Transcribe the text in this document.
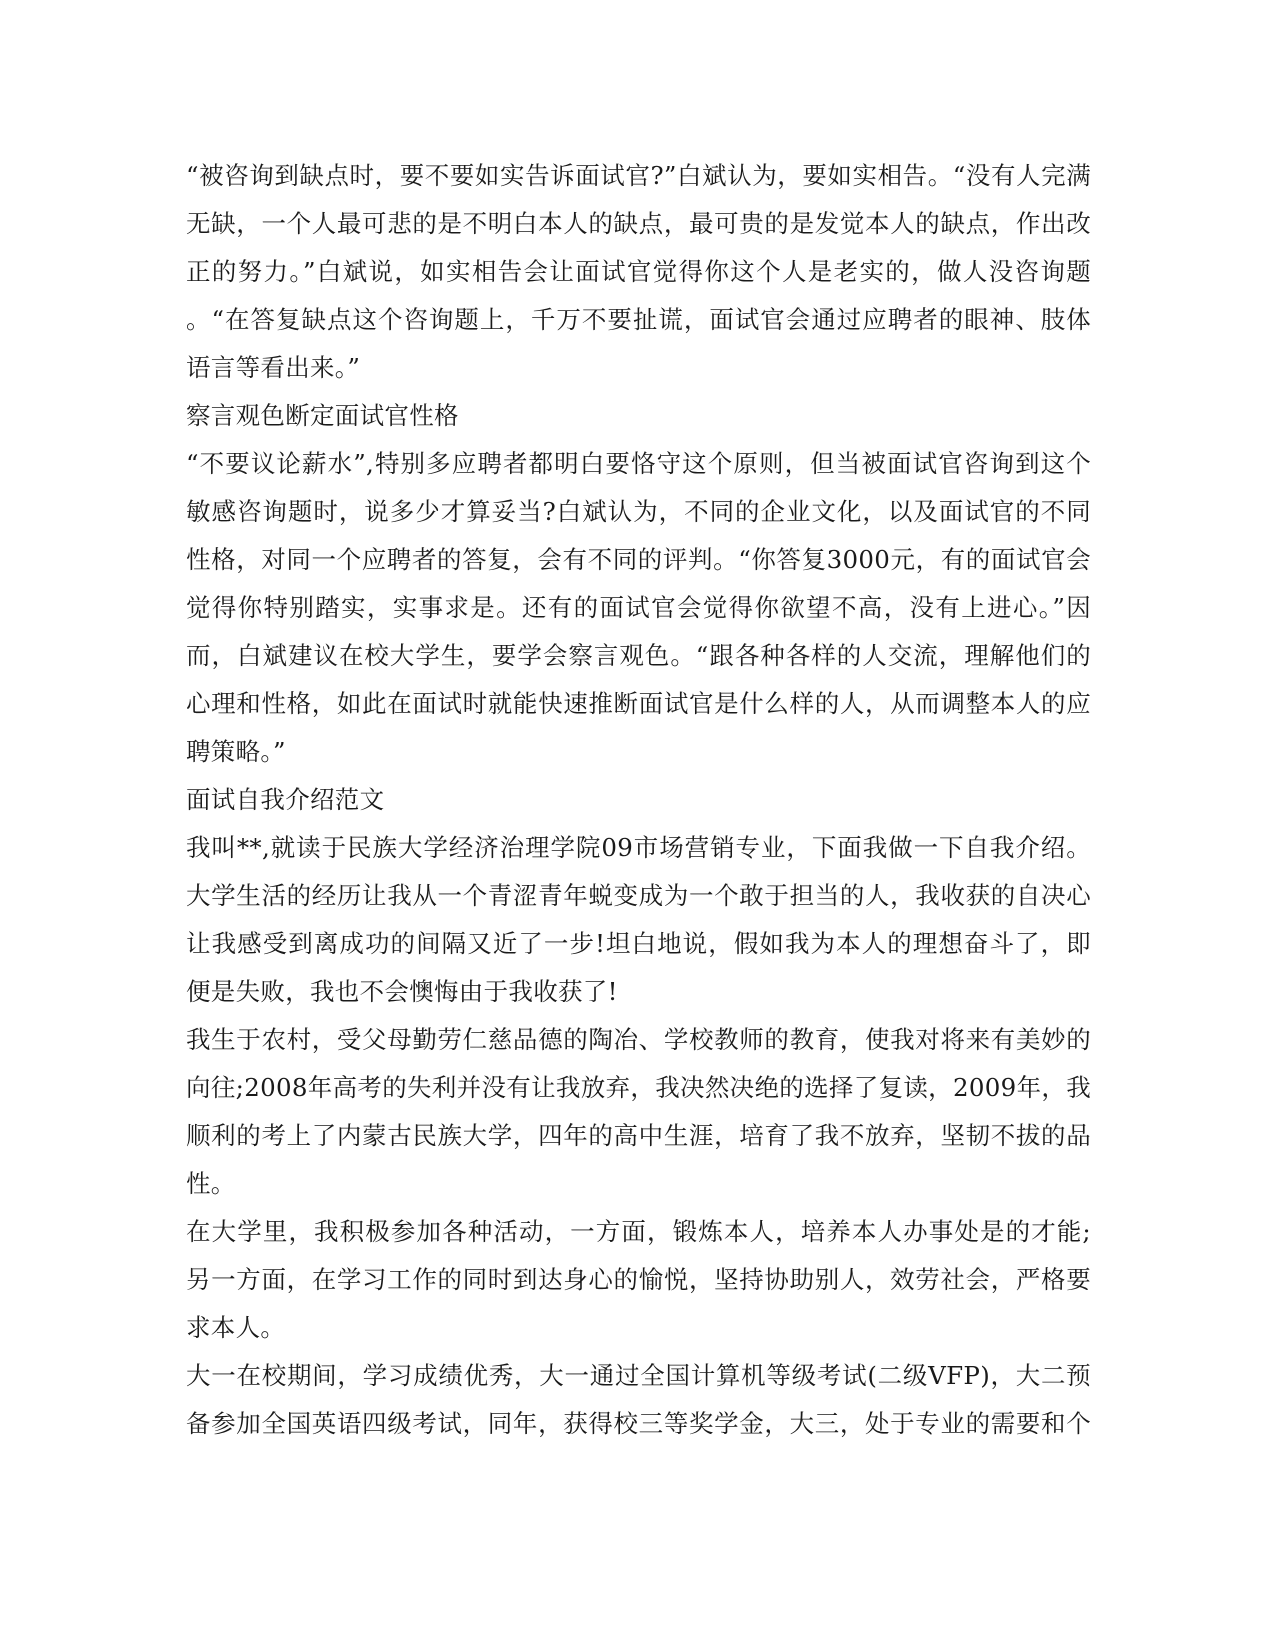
“被咨询到缺点时，要不要如实告诉面试官?”白斌认为，要如实相告。“没有人完满
无缺，一个人最可悲的是不明白本人的缺点，最可贵的是发觉本人的缺点，作出改
正的努力。”白斌说，如实相告会让面试官觉得你这个人是老实的，做人没咨询题
。“在答复缺点这个咨询题上，千万不要扯谎，面试官会通过应聘者的眼神、肢体
语言等看出来。”
察言观色断定面试官性格
“不要议论薪水”,特别多应聘者都明白要恪守这个原则，但当被面试官咨询到这个
敏感咨询题时，说多少才算妥当?白斌认为，不同的企业文化，以及面试官的不同
性格，对同一个应聘者的答复，会有不同的评判。“你答复3000元，有的面试官会
觉得你特别踏实，实事求是。还有的面试官会觉得你欲望不高，没有上进心。”因
而，白斌建议在校大学生，要学会察言观色。“跟各种各样的人交流，理解他们的
心理和性格，如此在面试时就能快速推断面试官是什么样的人，从而调整本人的应
聘策略。”
面试自我介绍范文
我叫**,就读于民族大学经济治理学院09市场营销专业，下面我做一下自我介绍。
大学生活的经历让我从一个青涩青年蜕变成为一个敢于担当的人，我收获的自决心
让我感受到离成功的间隔又近了一步!坦白地说，假如我为本人的理想奋斗了，即
便是失败，我也不会懊悔由于我收获了!
我生于农村，受父母勤劳仁慈品德的陶冶、学校教师的教育，使我对将来有美妙的
向往;2008年高考的失利并没有让我放弃，我决然决绝的选择了复读，2009年，我
顺利的考上了内蒙古民族大学，四年的高中生涯，培育了我不放弃，坚韧不拔的品
性。
在大学里，我积极参加各种活动，一方面，锻炼本人，培养本人办事处是的才能;
另一方面，在学习工作的同时到达身心的愉悦，坚持协助别人，效劳社会，严格要
求本人。
大一在校期间，学习成绩优秀，大一通过全国计算机等级考试(二级VFP)，大二预
备参加全国英语四级考试，同年，获得校三等奖学金，大三，处于专业的需要和个
